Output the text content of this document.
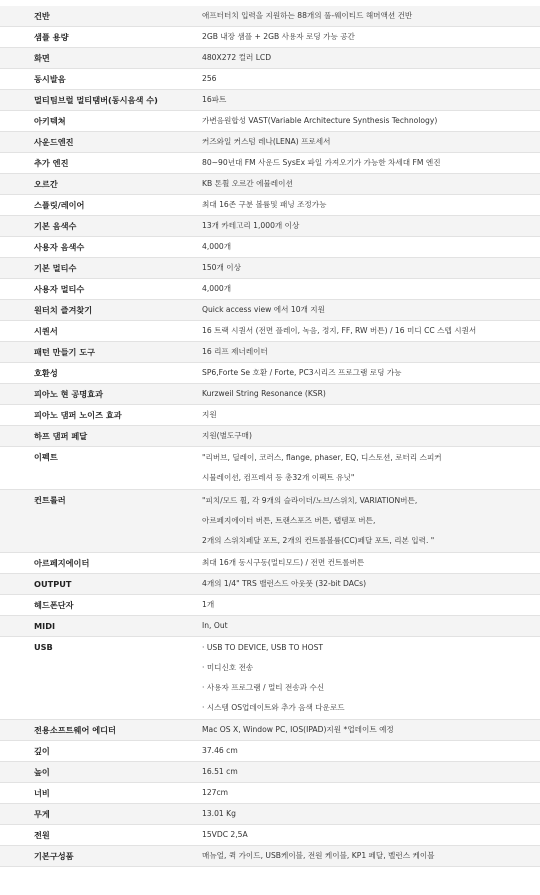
건반	애프터터치 입력을 지원하는 88개의 풀-웨이티드 해머액션 건반
샘플 용량	2GB 내장 샘플 + 2GB 사용자 로딩 가능 공간
화면	480X272 컬러 LCD
동시발음	256
멀티팀브럴 멀티탬버(동시음색 수)	16파트
아키텍쳐	가변음원합성 VAST(Variable Architecture Synthesis Technology)
사운드엔진	커즈와일 커스텀 레나(LENA) 프로세서
추가 엔진	80~90년대 FM 사운드 SysEx 파일 가져오기가 가능한 차세대 FM 엔진
오르간	KB 톤휠 오르간 에뮬레이션
스플릿/레이어	최대 16존 구분 볼륨및 패닝 조정가능
기본 음색수	13개 카테고리 1,000개 이상
사용자 음색수	4,000개
기본 멀티수	150개 이상
사용자 멀티수	4,000개
원터치 즐겨찾기	Quick access view 에서 10개 지원
시퀀서	16 트랙 시퀀서 (전면 플레이, 녹음, 정지, FF, RW 버튼) / 16 미디 CC 스텝 시퀀서
패턴 만들기 도구	16 리프 제너레이터
호환성	SP6,Forte Se 호환 / Forte, PC3시리즈 프로그램 로딩 가능
피아노 현 공명효과	Kurzweil String Resonance (KSR)
피아노 댐퍼 노이즈 효과	지원
하프 댐퍼 페달	지원(별도구매)
이펙트	"리버브, 딜레이, 코러스, flange, phaser, EQ, 디스토션, 로터리 스피커
시뮬레이션, 컴프레셔 등 총32개 이펙트 유닛"
컨트롤러	"피치/모드 휠, 각 9개의 슬라이더/노브/스위치, VARIATION버튼,
아르페지에이터 버튼, 트랜스포즈 버튼, 탭템포 버튼,
2개의 스위치페달 포트, 2개의 컨트롤볼륨(CC)페달 포트, 리본 입력. "
아르페지에이터	최대 16개 동시구동(멀티모드) / 전면 컨트롤버튼
OUTPUT	4개의 1/4" TRS 밸런스드 아웃풋 (32-bit DACs)
헤드폰단자	1개
MIDI	In, Out
USB	· USB TO DEVICE, USB TO HOST
· 미디신호 전송
· 사용자 프로그램 / 멀티 전송과 수신
· 시스템 OS업데이트와 추가 음색 다운로드
전용소프트웨어 에디터	Mac OS X, Window PC, IOS(IPAD)지원 *업데이트 예정
깊이	37.46 cm
높이	16.51 cm
너비	127cm
무게	13.01 Kg
전원	15VDC 2,5A
기본구성품	매뉴얼, 퀵 가이드, USB케이블, 전원 케이블, KP1 페달, 벨런스 케이블
